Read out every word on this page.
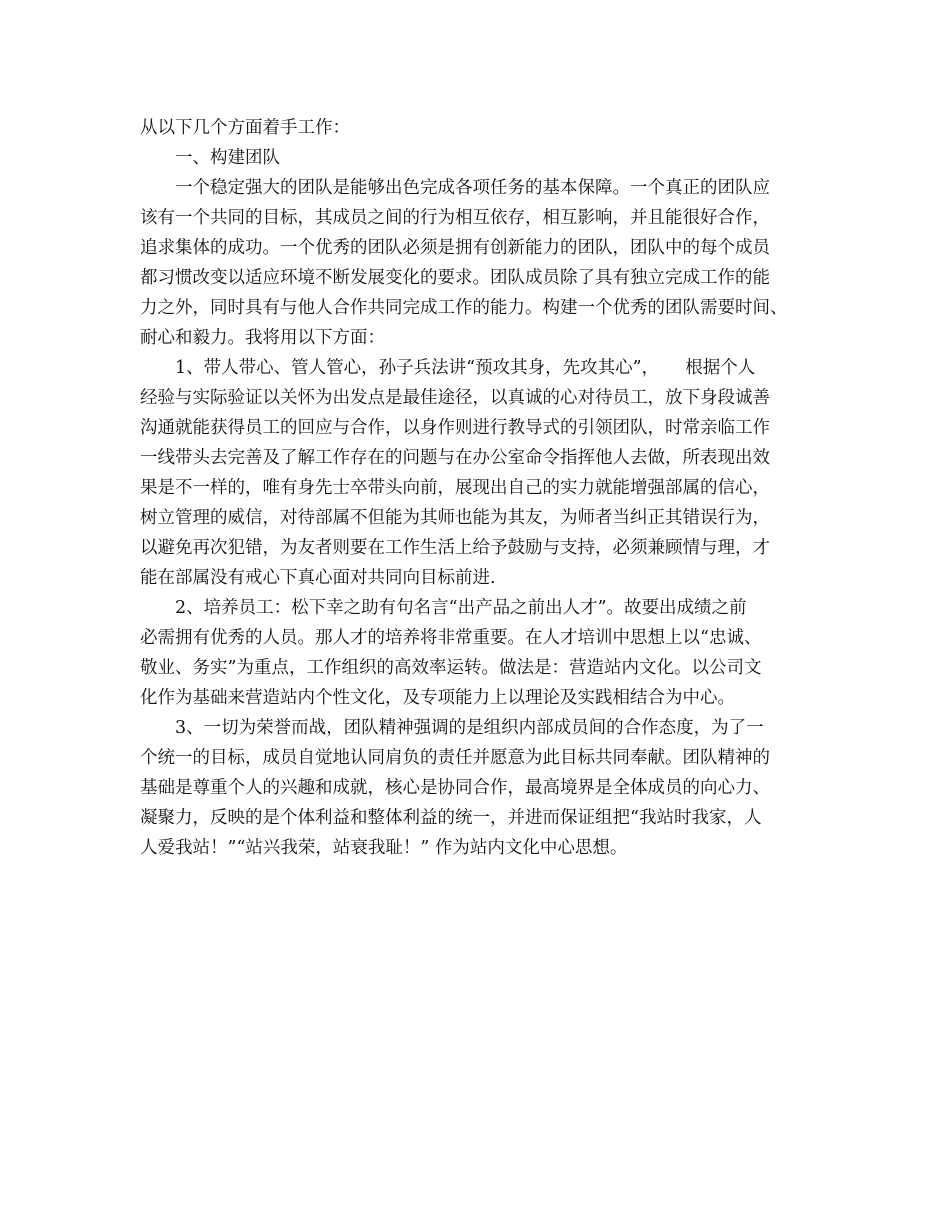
从以下几个方面着手工作：
一、构建团队
一个稳定强大的团队是能够出色完成各项任务的基本保障。一个真正的团队应
该有一个共同的目标，其成员之间的行为相互依存，相互影响，并且能很好合作，
追求集体的成功。一个优秀的团队必须是拥有创新能力的团队，团队中的每个成员
都习惯改变以适应环境不断发展变化的要求。团队成员除了具有独立完成工作的能
力之外，同时具有与他人合作共同完成工作的能力。构建一个优秀的团队需要时间、
耐心和毅力。我将用以下方面：
1、带人带心、管人管心，孙子兵法讲“预攻其身，先攻其心”，　　根据个人
经验与实际验证以关怀为出发点是最佳途径，以真诚的心对待员工，放下身段诚善
沟通就能获得员工的回应与合作，以身作则进行教导式的引领团队，时常亲临工作
一线带头去完善及了解工作存在的问题与在办公室命令指挥他人去做，所表现出效
果是不一样的，唯有身先士卒带头向前，展现出自己的实力就能增强部属的信心，
树立管理的威信，对待部属不但能为其师也能为其友，为师者当纠正其错误行为，
以避免再次犯错，为友者则要在工作生活上给予鼓励与支持，必须兼顾情与理，才
能在部属没有戒心下真心面对共同向目标前进.
2、培养员工：松下幸之助有句名言“出产品之前出人才”。故要出成绩之前
必需拥有优秀的人员。那人才的培养将非常重要。在人才培训中思想上以“忠诚、
敬业、务实”为重点，工作组织的高效率运转。做法是：营造站内文化。以公司文
化作为基础来营造站内个性文化，及专项能力上以理论及实践相结合为中心。
3、一切为荣誉而战，团队精神强调的是组织内部成员间的合作态度，为了一
个统一的目标，成员自觉地认同肩负的责任并愿意为此目标共同奉献。团队精神的
基础是尊重个人的兴趣和成就，核心是协同合作，最高境界是全体成员的向心力、
凝聚力，反映的是个体利益和整体利益的统一，并进而保证组把“我站时我家，人
人爱我站！”“站兴我荣，站衰我耻！” 作为站内文化中心思想。
